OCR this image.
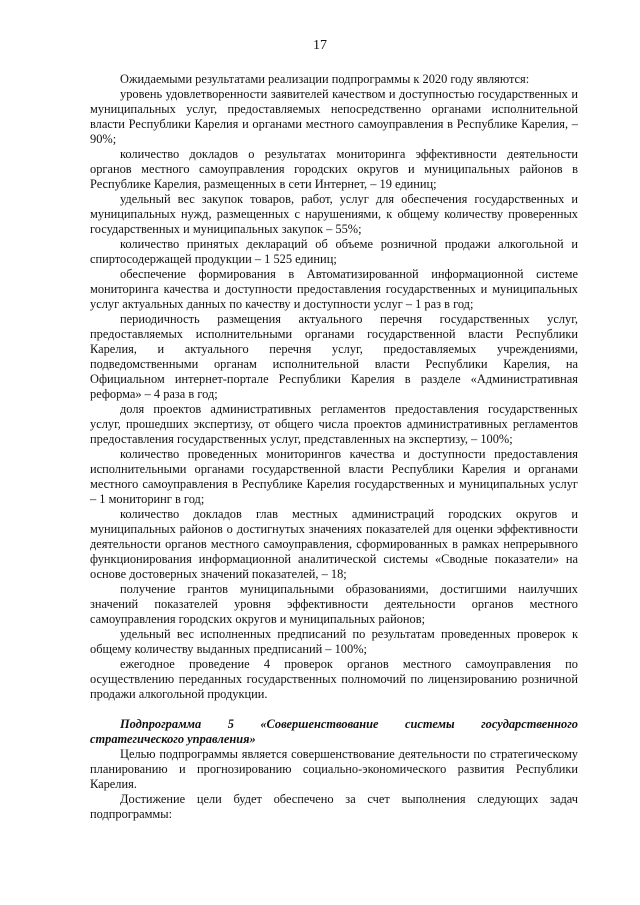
17

Ожидаемыми результатами реализации подпрограммы к 2020 году являются:

уровень удовлетворенности заявителей качеством и доступностью государственных и муниципальных услуг, предоставляемых непосредственно органами исполнительной власти Республики Карелия и органами местного самоуправления в Республике Карелия, – 90%;

количество докладов о результатах мониторинга эффективности деятельности органов местного самоуправления городских округов и муниципальных районов в Республике Карелия, размещенных в сети Интернет, – 19 единиц;

удельный вес закупок товаров, работ, услуг для обеспечения государственных и муниципальных нужд, размещенных с нарушениями, к общему количеству проверенных государственных и муниципальных закупок – 55%;

количество принятых деклараций об объеме розничной продажи алкогольной и спиртосодержащей продукции – 1 525 единиц;

обеспечение формирования в Автоматизированной информационной системе мониторинга качества и доступности предоставления государственных и муниципальных услуг актуальных данных по качеству и доступности услуг – 1 раз в год;

периодичность размещения актуального перечня государственных услуг, предоставляемых исполнительными органами государственной власти Республики Карелия, и актуального перечня услуг, предоставляемых учреждениями, подведомственными органам исполнительной власти Республики Карелия, на Официальном интернет-портале Республики Карелия в разделе «Административная реформа» – 4 раза в год;

доля проектов административных регламентов предоставления государственных услуг, прошедших экспертизу, от общего числа проектов административных регламентов предоставления государственных услуг, представленных на экспертизу, – 100%;

количество проведенных мониторингов качества и доступности предоставления исполнительными органами государственной власти Республики Карелия и органами местного самоуправления в Республике Карелия государственных и муниципальных услуг – 1 мониторинг в год;

количество докладов глав местных администраций городских округов и муниципальных районов о достигнутых значениях показателей для оценки эффективности деятельности органов местного самоуправления, сформированных в рамках непрерывного функционирования информационной аналитической системы «Сводные показатели» на основе достоверных значений показателей, – 18;

получение грантов муниципальными образованиями, достигшими наилучших значений показателей уровня эффективности деятельности органов местного самоуправления городских округов и муниципальных районов;

удельный вес исполненных предписаний по результатам проведенных проверок к общему количеству выданных предписаний – 100%;

ежегодное проведение 4 проверок органов местного самоуправления по осуществлению переданных государственных полномочий по лицензированию розничной продажи алкогольной продукции.

Подпрограмма 5 «Совершенствование системы государственного стратегического управления»

Целью подпрограммы является совершенствование деятельности по стратегическому планированию и прогнозированию социально-экономического развития Республики Карелия.

Достижение цели будет обеспечено за счет выполнения следующих задач подпрограммы:
